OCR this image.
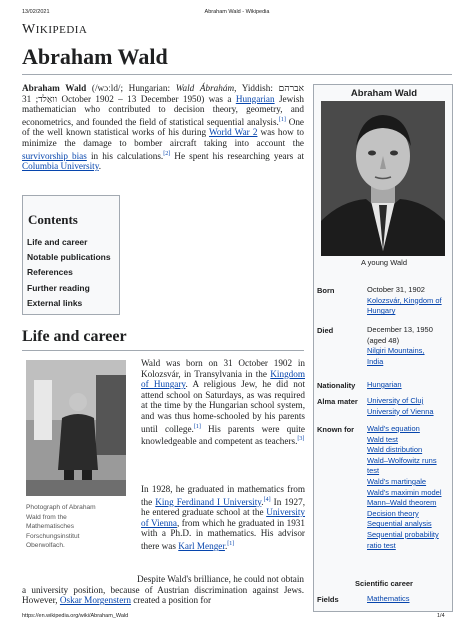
13/02/2021	Abraham Wald - Wikipedia
WIKIPEDIA
Abraham Wald
Abraham Wald (/wɔːld/; Hungarian: Wald Ábrahám, Yiddish: אברהם וואַלד; 31 October 1902 – 13 December 1950) was a Hungarian Jewish mathematician who contributed to decision theory, geometry, and econometrics, and founded the field of statistical sequential analysis.[1] One of the well known statistical works of his during World War 2 was how to minimize the damage to bomber aircraft taking into account the survivorship bias in his calculations.[2] He spent his researching years at Columbia University.
Contents
Life and career
Notable publications
References
Further reading
External links
Life and career
Photograph of Abraham
Wald from the
Mathematisches
Forschungsinstitut
Oberwolfach.
Wald was born on 31 October 1902 in Kolozsvár, in Transylvania in the Kingdom of Hungary. A religious Jew, he did not attend school on Saturdays, as was required at the time by the Hungarian school system, and was thus home-schooled by his parents until college.[1] His parents were quite knowledgeable and competent as teachers.[3]
In 1928, he graduated in mathematics from the King Ferdinand I University.[4] In 1927, he entered graduate school at the University of Vienna, from which he graduated in 1931 with a Ph.D. in mathematics. His advisor there was Karl Menger.[1]
Despite Wald's brilliance, he could not obtain a university position, because of Austrian discrimination against Jews. However, Oskar Morgenstern created a position for
Abraham Wald
A young Wald
Born	October 31, 1902
Kolozsvár, Kingdom of
Hungary
Died	December 13, 1950
(aged 48)
Nilgiri Mountains,
India
Nationality Hungarian
Alma mater University of Cluj
University of Vienna
Known for Wald's equation
Wald test
Wald distribution
Wald–Wolfowitz runs
test
Wald's martingale
Wald's maximin model
Mann–Wald theorem
Decision theory
Sequential analysis
Sequential probability
ratio test
Scientific career
Fields	Mathematics
https://en.wikipedia.org/wiki/Abraham_Wald	1/4
